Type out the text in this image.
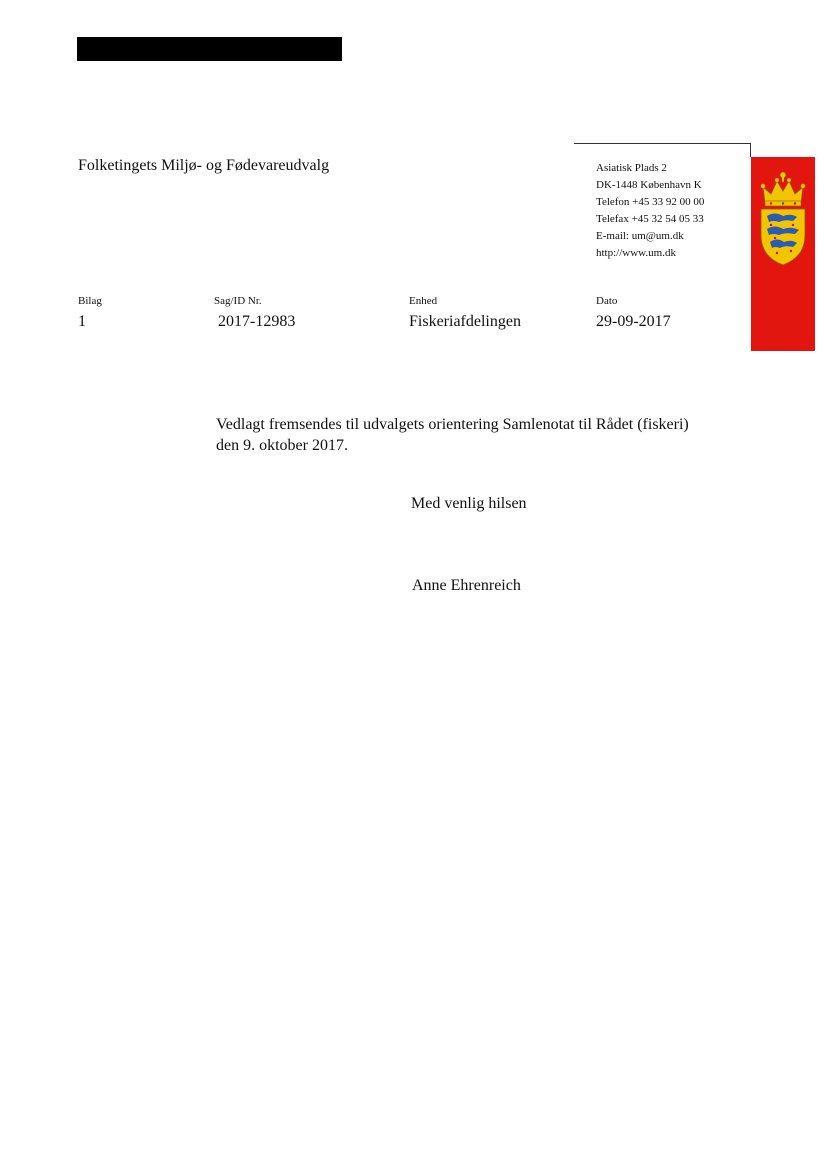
Folketingets Miljø- og Fødevareudvalg	Asiatisk Plads 2
DK-1448 København K
Telefon +45 33 92 00 00
Telefax +45 32 54 05 33
E-mail: um@um.dk
http://www.um.dk
Bilag
1
Sag/ID Nr.
2017-12983
Enhed
Fiskeriafdelingen
Dato
29-09-2017
Vedlagt fremsendes til udvalgets orientering Samlenotat til Rådet (fiskeri)
den 9. oktober 2017.
Med venlig hilsen
Anne Ehrenreich
